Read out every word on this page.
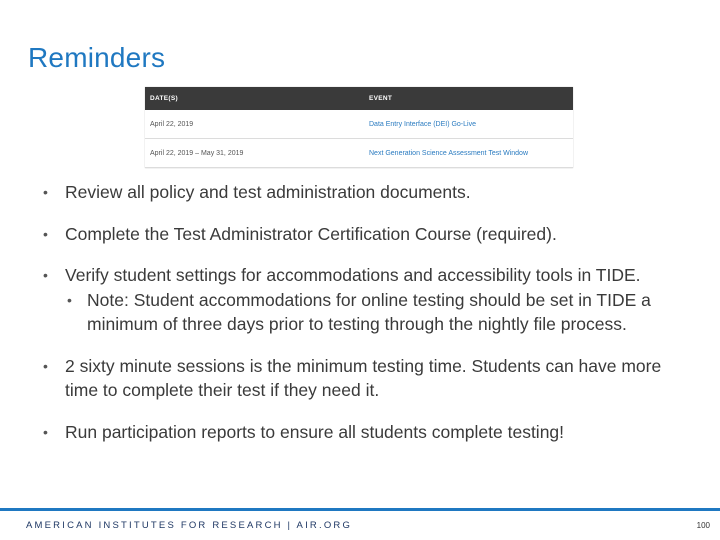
Reminders
DATE(S)	EVENT
April 22, 2019	Data Entry Interface (DEI) Go-Live
April 22, 2019 – May 31, 2019	Next Generation Science Assessment Test Window
• Review all policy and test administration documents.
• Complete the Test Administrator Certification Course (required).
• Verify student settings for accommodations and accessibility tools in TIDE.
• Note: Student accommodations for online testing should be set in TIDE a minimum of three days prior to testing through the nightly file process.
• 2 sixty minute sessions is the minimum testing time. Students can have more time to complete their test if they need it.
• Run participation reports to ensure all students complete testing!
AMERICAN INSTITUTES FOR RESEARCH | AIR.ORG	100
